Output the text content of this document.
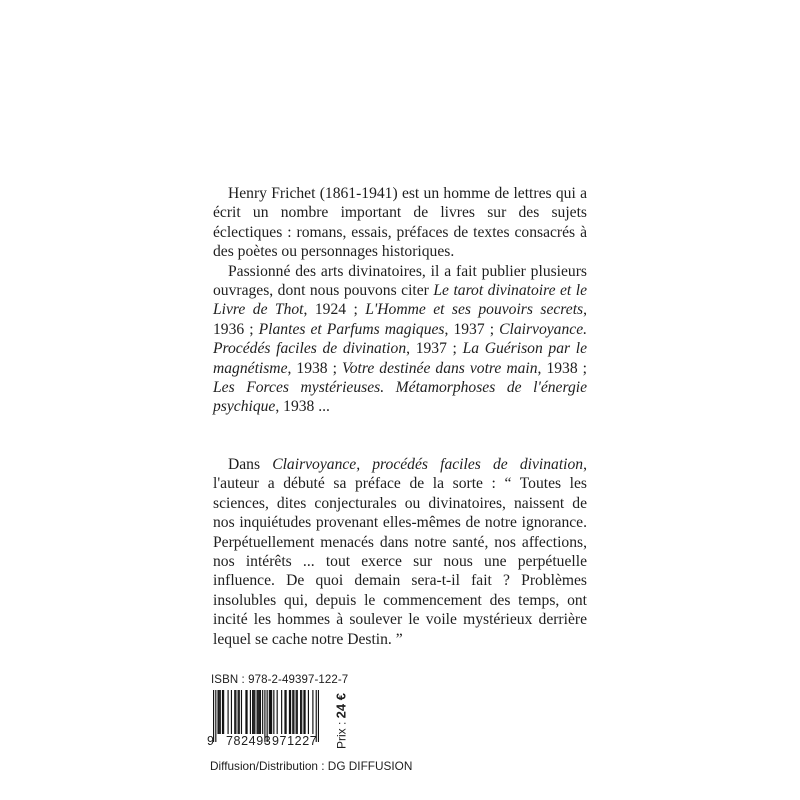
Henry Frichet (1861-1941) est un homme de lettres qui a écrit un nombre important de livres sur des sujets éclectiques : romans, essais, préfaces de textes consacrés à des poètes ou personnages historiques.

Passionné des arts divinatoires, il a fait publier plusieurs ouvrages, dont nous pouvons citer Le tarot divinatoire et le Livre de Thot, 1924 ; L'Homme et ses pouvoirs secrets, 1936 ; Plantes et Parfums magiques, 1937 ; Clairvoyance. Procédés faciles de divination, 1937 ; La Guérison par le magnétisme, 1938 ; Votre destinée dans votre main, 1938 ; Les Forces mystérieuses. Métamorphoses de l'énergie psychique, 1938 ...

Dans Clairvoyance, procédés faciles de divination, l'auteur a débuté sa préface de la sorte : “ Toutes les sciences, dites conjecturales ou divinatoires, naissent de nos inquiétudes provenant elles-mêmes de notre ignorance. Perpétuellement menacés dans notre santé, nos affections, nos intérêts ... tout exerce sur nous une perpétuelle influence. De quoi demain sera-t-il fait ? Problèmes insolubles qui, depuis le commencement des temps, ont incité les hommes à soulever le voile mystérieux derrière lequel se cache notre Destin. ”

ISBN : 978-2-49397-122-7
9 782493 971227 Prix : 24 €
Diffusion/Distribution : DG DIFFUSION
